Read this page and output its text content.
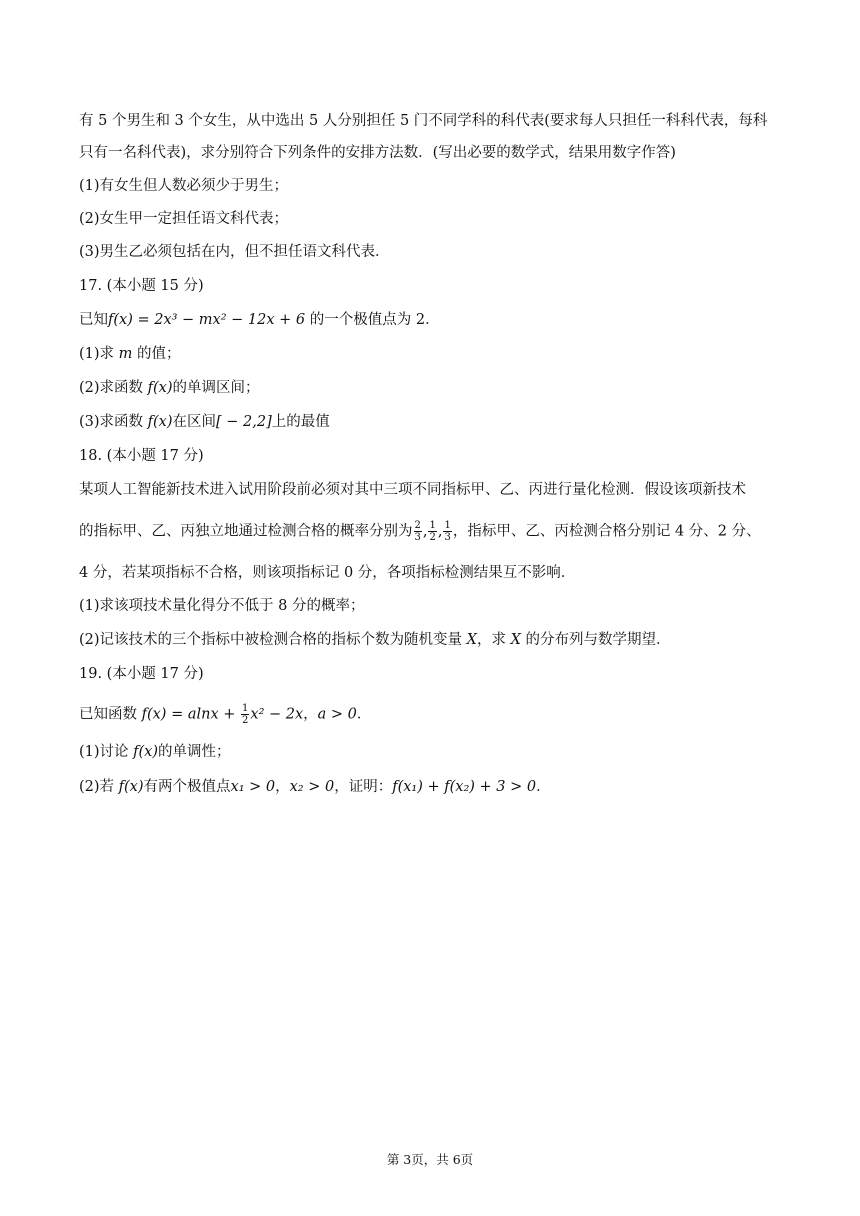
有 5 个男生和 3 个女生，从中选出 5 人分别担任 5 门不同学科的科代表(要求每人只担任一科科代表，每科
只有一名科代表)，求分别符合下列条件的安排方法数．(写出必要的数学式，结果用数字作答)
(1)有女生但人数必须少于男生；
(2)女生甲一定担任语文科代表；
(3)男生乙必须包括在内，但不担任语文科代表．
17. (本小题 15 分)
已知f(x) = 2x³ − mx² − 12x + 6 的一个极值点为 2．
(1)求 m 的值；
(2)求函数 f(x)的单调区间；
(3)求函数 f(x)在区间[ − 2,2]上的最值
18. (本小题 17 分)
某项人工智能新技术进入试用阶段前必须对其中三项不同指标甲、乙、丙进行量化检测．假设该项新技术
的指标甲、乙、丙独立地通过检测合格的概率分别为 $\frac{2}{3}$ , $\frac{1}{2}$ , $\frac{1}{3}$ ，指标甲、乙、丙检测合格分别记 4 分、2 分、
4 分，若某项指标不合格，则该项指标记 0 分，各项指标检测结果互不影响．
(1)求该项技术量化得分不低于 8 分的概率；
(2)记该技术的三个指标中被检测合格的指标个数为随机变量 X，求 X 的分布列与数学期望．
19. (本小题 17 分)
已知函数 $f(x) = alnx + \frac{1}{2} x^2 - 2x$，a > 0．
(1)讨论 f(x)的单调性；
(2)若 f(x)有两个极值点x₁ > 0，x₂ > 0，证明：f(x₁) + f(x₂) + 3 > 0．
第 3页，共 6页
